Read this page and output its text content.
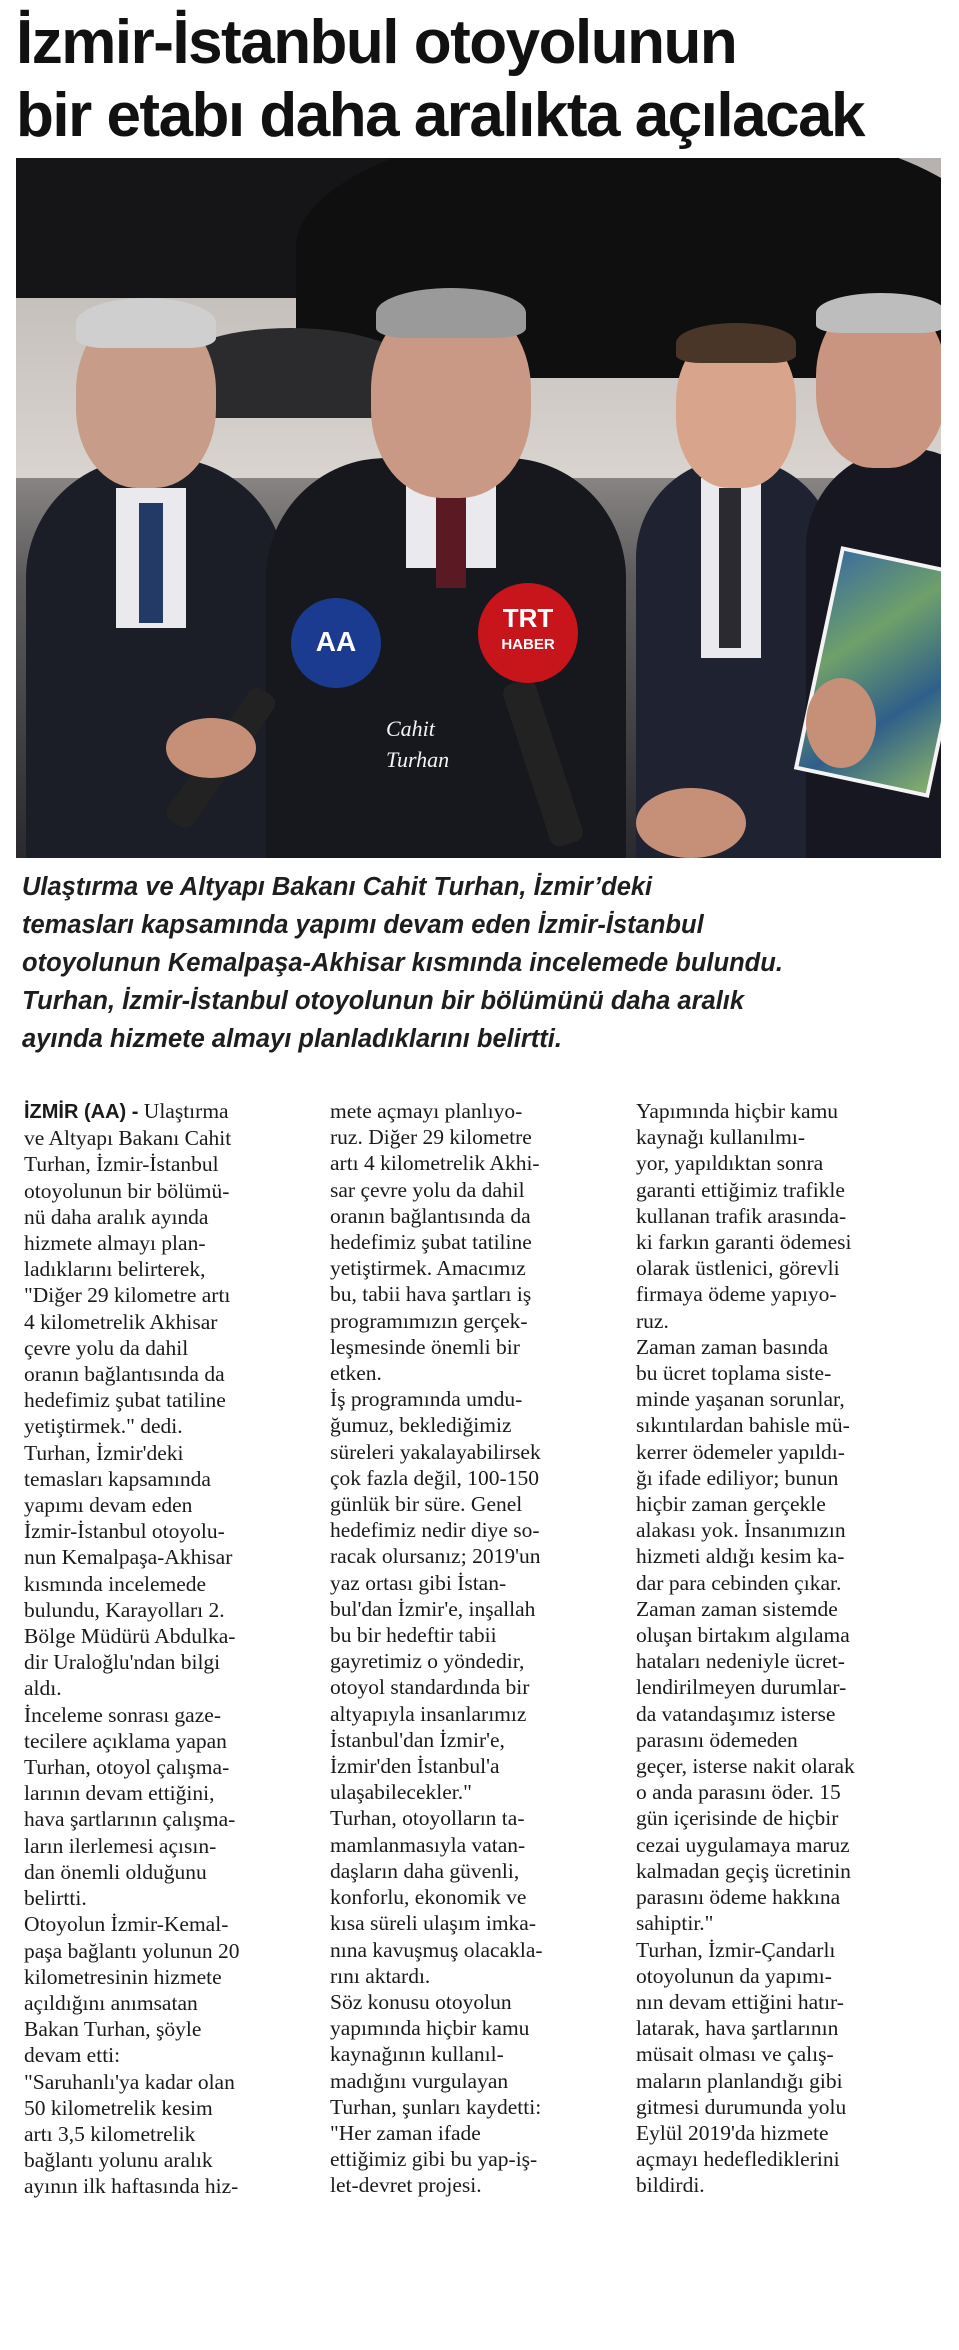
İzmir-İstanbul otoyolunun
bir etabı daha aralıkta açılacak
AA
TRT
HABER
Cahit
Turhan

Ulaştırma ve Altyapı Bakanı Cahit Turhan, İzmir’deki
temasları kapsamında yapımı devam eden İzmir-İstanbul
otoyolunun Kemalpaşa-Akhisar kısmında incelemede bulundu.
Turhan, İzmir-İstanbul otoyolunun bir bölümünü daha aralık
ayında hizmete almayı planladıklarını belirtti.

İZMİR (AA) - Ulaştırma
ve Altyapı Bakanı Cahit
Turhan, İzmir-İstanbul
otoyolunun bir bölümü-
nü daha aralık ayında
hizmete almayı plan-
ladıklarını belirterek,
"Diğer 29 kilometre artı
4 kilometrelik Akhisar
çevre yolu da dahil
oranın bağlantısında da
hedefimiz şubat tatiline
yetiştirmek." dedi.
Turhan, İzmir'deki
temasları kapsamında
yapımı devam eden
İzmir-İstanbul otoyolu-
nun Kemalpaşa-Akhisar
kısmında incelemede
bulundu, Karayolları 2.
Bölge Müdürü Abdulka-
dir Uraloğlu'ndan bilgi
aldı.
İnceleme sonrası gaze-
tecilere açıklama yapan
Turhan, otoyol çalışma-
larının devam ettiğini,
hava şartlarının çalışma-
ların ilerlemesi açısın-
dan önemli olduğunu
belirtti.
Otoyolun İzmir-Kemal-
paşa bağlantı yolunun 20
kilometresinin hizmete
açıldığını anımsatan
Bakan Turhan, şöyle
devam etti:
"Saruhanlı'ya kadar olan
50 kilometrelik kesim
artı 3,5 kilometrelik
bağlantı yolunu aralık
ayının ilk haftasında hiz-
mete açmayı planlıyo-
ruz. Diğer 29 kilometre
artı 4 kilometrelik Akhi-
sar çevre yolu da dahil
oranın bağlantısında da
hedefimiz şubat tatiline
yetiştirmek. Amacımız
bu, tabii hava şartları iş
programımızın gerçek-
leşmesinde önemli bir
etken.
İş programında umdu-
ğumuz, beklediğimiz
süreleri yakalayabilirsek
çok fazla değil, 100-150
günlük bir süre. Genel
hedefimiz nedir diye so-
racak olursanız; 2019'un
yaz ortası gibi İstan-
bul'dan İzmir'e, inşallah
bu bir hedeftir tabii
gayretimiz o yöndedir,
otoyol standardında bir
altyapıyla insanlarımız
İstanbul'dan İzmir'e,
İzmir'den İstanbul'a
ulaşabilecekler."
Turhan, otoyolların ta-
mamlanmasıyla vatan-
daşların daha güvenli,
konforlu, ekonomik ve
kısa süreli ulaşım imka-
nına kavuşmuş olacakla-
rını aktardı.
Söz konusu otoyolun
yapımında hiçbir kamu
kaynağının kullanıl-
madığını vurgulayan
Turhan, şunları kaydetti:
"Her zaman ifade
ettiğimiz gibi bu yap-iş-
let-devret projesi.
Yapımında hiçbir kamu
kaynağı kullanılmı-
yor, yapıldıktan sonra
garanti ettiğimiz trafikle
kullanan trafik arasında-
ki farkın garanti ödemesi
olarak üstlenici, görevli
firmaya ödeme yapıyo-
ruz.
Zaman zaman basında
bu ücret toplama siste-
minde yaşanan sorunlar,
sıkıntılardan bahisle mü-
kerrer ödemeler yapıldı-
ğı ifade ediliyor; bunun
hiçbir zaman gerçekle
alakası yok. İnsanımızın
hizmeti aldığı kesim ka-
dar para cebinden çıkar.
Zaman zaman sistemde
oluşan birtakım algılama
hataları nedeniyle ücret-
lendirilmeyen durumlar-
da vatandaşımız isterse
parasını ödemeden
geçer, isterse nakit olarak
o anda parasını öder. 15
gün içerisinde de hiçbir
cezai uygulamaya maruz
kalmadan geçiş ücretinin
parasını ödeme hakkına
sahiptir."
Turhan, İzmir-Çandarlı
otoyolunun da yapımı-
nın devam ettiğini hatır-
latarak, hava şartlarının
müsait olması ve çalış-
maların planlandığı gibi
gitmesi durumunda yolu
Eylül 2019'da hizmete
açmayı hedeflediklerini
bildirdi.
